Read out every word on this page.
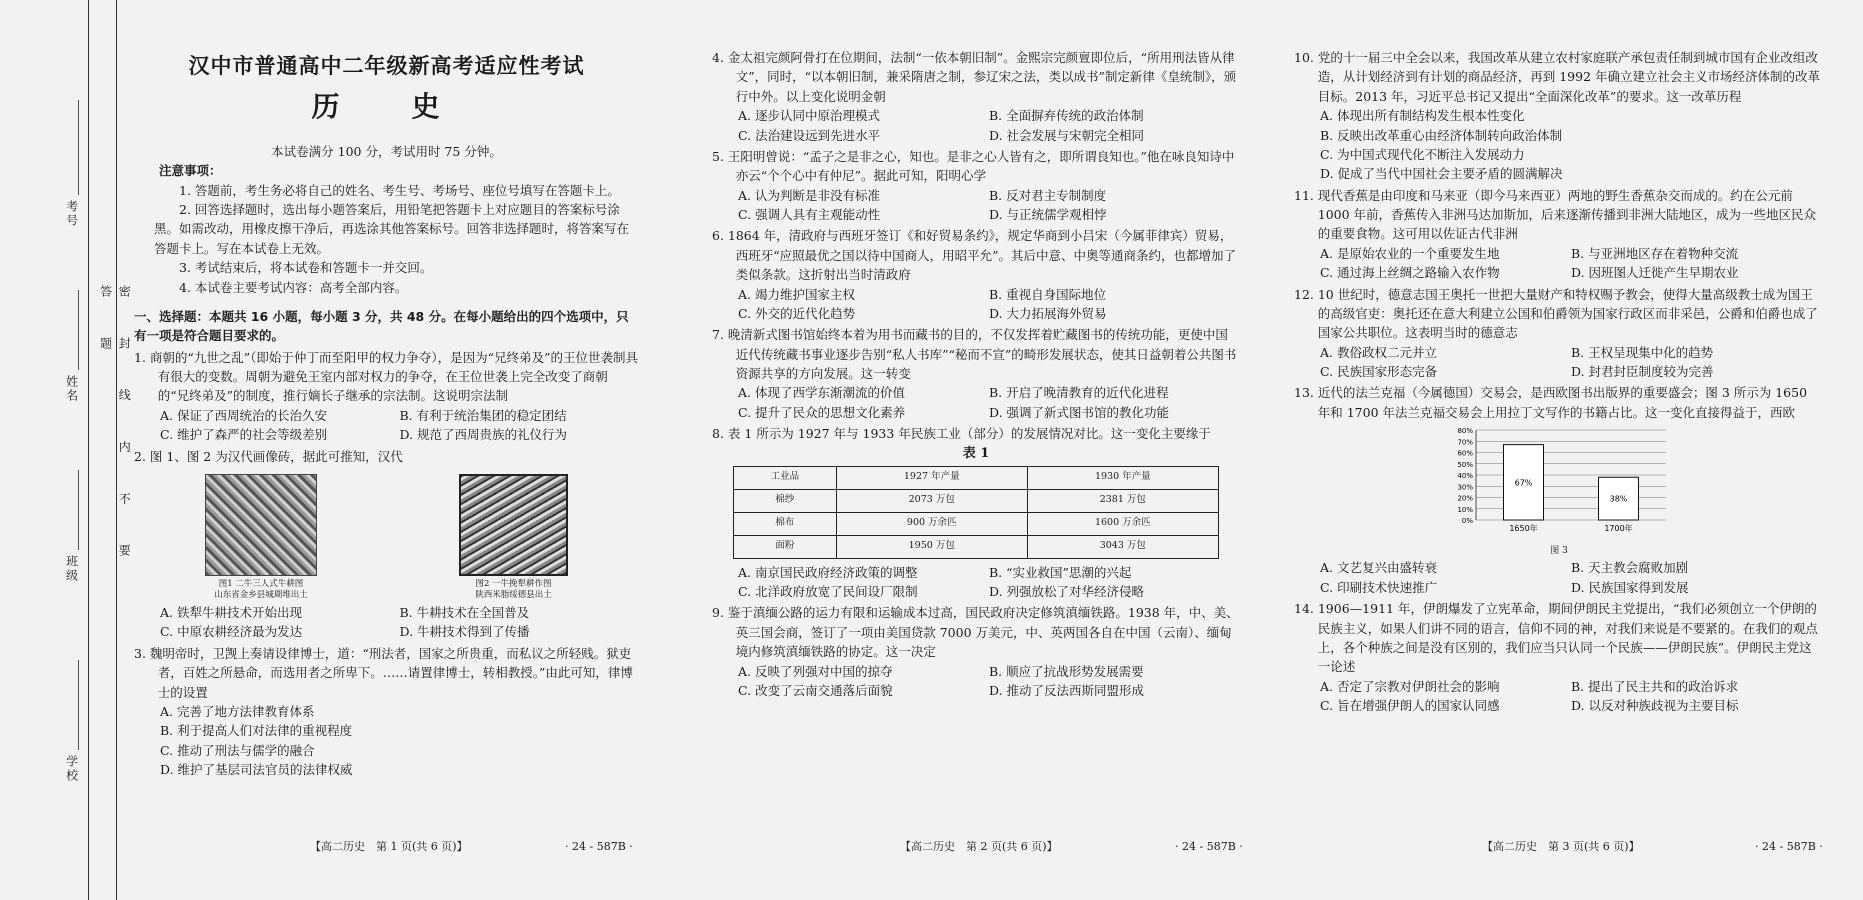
考号
姓名
班级
学校
密 封 线 内 不 要 答 题
汉中市普通高中二年级新高考适应性考试
历　史
本试卷满分 100 分，考试用时 75 分钟。
注意事项：
1. 答题前，考生务必将自己的姓名、考生号、考场号、座位号填写在答题卡上。
2. 回答选择题时，选出每小题答案后，用铅笔把答题卡上对应题目的答案标号涂黑。如需改动，用橡皮擦干净后，再选涂其他答案标号。回答非选择题时，将答案写在答题卡上。写在本试卷上无效。
3. 考试结束后，将本试卷和答题卡一并交回。
4. 本试卷主要考试内容：高考全部内容。
一、选择题：本题共 16 小题，每小题 3 分，共 48 分。在每小题给出的四个选项中，只有一项是符合题目要求的。
1. 商朝的“九世之乱”（即始于仲丁而至阳甲的权力争夺），是因为“兄终弟及”的王位世袭制具有很大的变数。周朝为避免王室内部对权力的争夺，在王位世袭上完全改变了商朝的“兄终弟及”的制度，推行嫡长子继承的宗法制。这说明宗法制
A. 保证了西周统治的长治久安	B. 有利于统治集团的稳定团结
C. 维护了森严的社会等级差别	D. 规范了西周贵族的礼仪行为
2. 图 1、图 2 为汉代画像砖，据此可推知，汉代
图1 二牛三人式牛耕图
山东省金乡县城瑚堆出土
图2 一牛挽犁耕作图
陕西米脂绥德县出土
A. 铁犁牛耕技术开始出现	B. 牛耕技术在全国普及
C. 中原农耕经济最为发达	D. 牛耕技术得到了传播
3. 魏明帝时，卫觊上奏请设律博士，道：“刑法者，国家之所贵重，而私议之所轻贱。狱吏者，百姓之所悬命，而选用者之所卑下。……请置律博士，转相教授。”由此可知，律博士的设置
A. 完善了地方法律教育体系
B. 利于提高人们对法律的重视程度
C. 推动了刑法与儒学的融合
D. 维护了基层司法官员的法律权威
【高二历史　第 1 页(共 6 页)】	· 24 - 587B ·
4. 金太祖完颜阿骨打在位期间，法制“一依本朝旧制”。金熙宗完颜亶即位后，“所用刑法皆从律文”，同时，“以本朝旧制，兼采隋唐之制，参辽宋之法，类以成书”制定新律《皇统制》，颁行中外。以上变化说明金朝
A. 逐步认同中原治理模式	B. 全面摒弃传统的政治体制
C. 法治建设远到先进水平	D. 社会发展与宋朝完全相同
5. 王阳明曾说：“孟子之是非之心，知也。是非之心人皆有之，即所谓良知也。”他在咏良知诗中亦云“个个心中有仲尼”。据此可知，阳明心学
A. 认为判断是非没有标准	B. 反对君主专制制度
C. 强调人具有主观能动性	D. 与正统儒学观相悖
6. 1864 年，清政府与西班牙签订《和好贸易条约》，规定华商到小吕宋（今属菲律宾）贸易，西班牙“应照最优之国以待中国商人，用昭平允”。其后中意、中奥等通商条约，也都增加了类似条款。这折射出当时清政府
A. 竭力维护国家主权	B. 重视自身国际地位
C. 外交的近代化趋势	D. 大力拓展海外贸易
7. 晚清新式图书馆始终本着为用书而藏书的目的，不仅发挥着贮藏图书的传统功能，更使中国近代传统藏书事业逐步告别“私人书库”“秘而不宣”的畸形发展状态，使其日益朝着公共图书资源共享的方向发展。这一转变
A. 体现了西学东渐潮流的价值	B. 开启了晚清教育的近代化进程
C. 提升了民众的思想文化素养	D. 强调了新式图书馆的教化功能
8. 表 1 所示为 1927 年与 1933 年民族工业（部分）的发展情况对比。这一变化主要缘于
表 1
工业品	1927 年产量	1930 年产量
棉纱	2073 万包	2381 万包
棉布	900 万余匹	1600 万余匹
面粉	1950 万包	3043 万包
A. 南京国民政府经济政策的调整	B. “实业救国”思潮的兴起
C. 北洋政府放宽了民间设厂限制	D. 列强放松了对华经济侵略
9. 鉴于滇缅公路的运力有限和运输成本过高，国民政府决定修筑滇缅铁路。1938 年，中、美、英三国会商，签订了一项由美国贷款 7000 万美元，中、英两国各自在中国（云南）、缅甸境内修筑滇缅铁路的协定。这一决定
A. 反映了列强对中国的掠夺	B. 顺应了抗战形势发展需要
C. 改变了云南交通落后面貌	D. 推动了反法西斯同盟形成
【高二历史　第 2 页(共 6 页)】	· 24 - 587B ·
10. 党的十一届三中全会以来，我国改革从建立农村家庭联产承包责任制到城市国有企业改组改造，从计划经济到有计划的商品经济，再到 1992 年确立建立社会主义市场经济体制的改革目标。2013 年，习近平总书记又提出“全面深化改革”的要求。这一改革历程
A. 体现出所有制结构发生根本性变化
B. 反映出改革重心由经济体制转向政治体制
C. 为中国式现代化不断注入发展动力
D. 促成了当代中国社会主要矛盾的圆满解决
11. 现代香蕉是由印度和马来亚（即今马来西亚）两地的野生香蕉杂交而成的。约在公元前 1000 年前，香蕉传入非洲马达加斯加，后来逐渐传播到非洲大陆地区，成为一些地区民众的重要食物。这可用以佐证古代非洲
A. 是原始农业的一个重要发生地	B. 与亚洲地区存在着物种交流
C. 通过海上丝绸之路输入农作物	D. 因班图人迁徙产生早期农业
12. 10 世纪时，德意志国王奥托一世把大量财产和特权赐予教会，使得大量高级教士成为国王的高级官吏：奥托还在意大利建立公国和伯爵领为国家行政区而非采邑，公爵和伯爵也成了国家公共职位。这表明当时的德意志
A. 教俗政权二元并立	B. 王权呈现集中化的趋势
C. 民族国家形态完备	D. 封君封臣制度较为完善
13. 近代的法兰克福（今属德国）交易会，是西欧图书出版界的重要盛会；图 3 所示为 1650 年和 1700 年法兰克福交易会上用拉丁文写作的书籍占比。这一变化直接得益于，西欧
0%
10%
20%
30%
40%
50%
60%
70%
80%
67%
1650年
38%
1700年
图 3
A. 文艺复兴由盛转衰	B. 天主教会腐败加剧
C. 印刷技术快速推广	D. 民族国家得到发展
14. 1906—1911 年，伊朗爆发了立宪革命，期间伊朗民主党提出，“我们必须创立一个伊朗的民族主义，如果人们讲不同的语言，信仰不同的神，对我们来说是不要紧的。在我们的观点上，各个种族之间是没有区别的，我们应当只认同一个民族——伊朗民族”。伊朗民主党这一论述
A. 否定了宗教对伊朗社会的影响	B. 提出了民主共和的政治诉求
C. 旨在增强伊朗人的国家认同感	D. 以反对种族歧视为主要目标
【高二历史　第 3 页(共 6 页)】	· 24 - 587B ·
